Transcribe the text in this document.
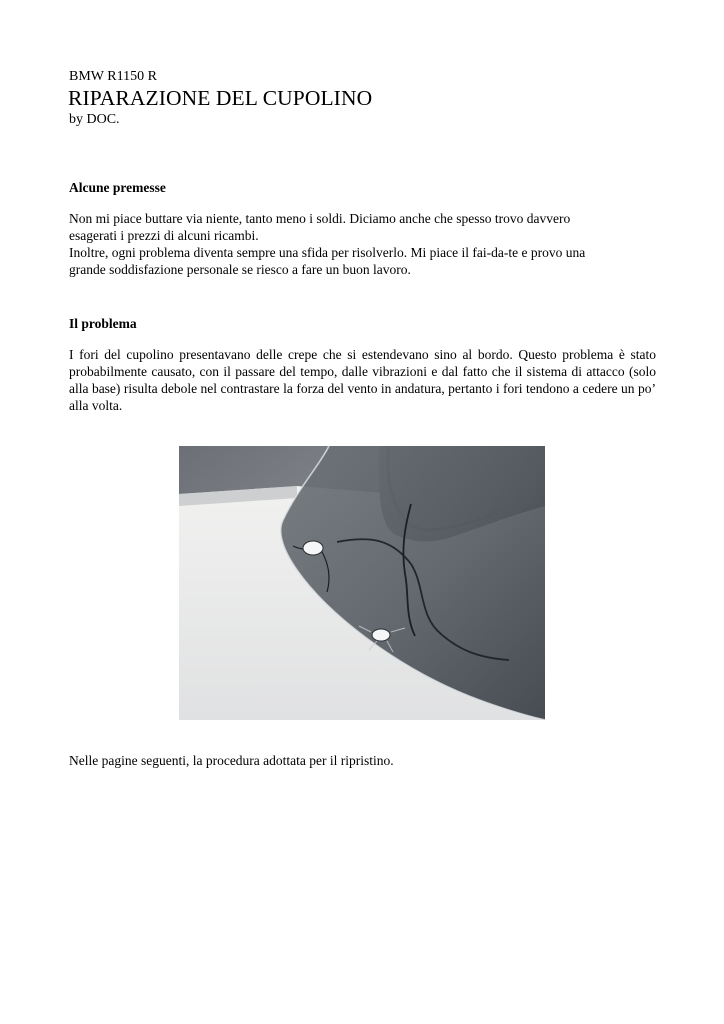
BMW R1150 R
RIPARAZIONE DEL CUPOLINO
by DOC.
Alcune premesse
Non mi piace buttare via niente, tanto meno i soldi. Diciamo anche che spesso trovo davvero
esagerati i prezzi di alcuni ricambi.
Inoltre, ogni problema diventa sempre una sfida per risolverlo. Mi piace il fai-da-te e provo una
grande soddisfazione personale se riesco a fare un buon lavoro.
Il problema
I fori del cupolino presentavano delle crepe che si estendevano sino al bordo. Questo problema è stato probabilmente causato, con il passare del tempo, dalle vibrazioni e dal fatto che il sistema di attacco (solo alla base) risulta debole nel contrastare la forza del vento in andatura, pertanto i fori tendono a cedere un po’ alla volta.
Nelle pagine seguenti, la procedura adottata per il ripristino.
